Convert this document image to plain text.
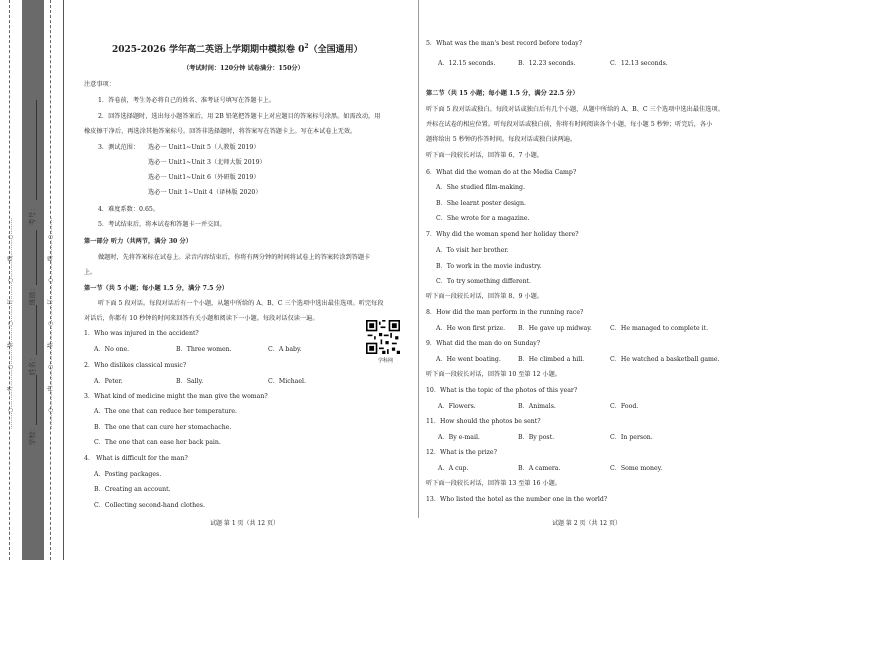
考号：
班级：
姓名：
学校：
………○………外………○………装………○………订………○………线………○………	………○………内………○………装………○………订………○………线………○………
2025-2026 学年高二英语上学期期中模拟卷 $0^2$（全国通用）
（考试时间：120分钟 试卷满分：150分）
注意事项：
1．答卷前，考生务必将自己的姓名、准考证号填写在答题卡上。
2．回答选择题时，选出每小题答案后，用 2B 铅笔把答题卡上对应题目的答案标号涂黑。如需改动，用
橡皮擦干净后，再选涂其他答案标号。回答非选择题时，将答案写在答题卡上。写在本试卷上无效。
3．测试范围： 选必一 Unit1~Unit 5（人教版 2019）
选必一 Unit1~Unit 3（北师大版 2019）
选必一 Unit1~Unit 6（外研版 2019）
选必一 Unit 1~Unit 4（译林版 2020）
4．难度系数：0.65。
5．考试结束后，将本试卷和答题卡一并交回。
第一部分 听力（共两节，满分 30 分）
做题时，先将答案标在试卷上。录音内容结束后，你将有两分钟的时间将试卷上的答案转涂到答题卡
上。
第一节（共 5 小题；每小题 1.5 分，满分 7.5 分）
听下面 5 段对话。每段对话后有一个小题，从题中所给的 A、B、C 三个选项中选出最佳选项。听完每段
对话后，你都有 10 秒钟的时间来回答有关小题和阅读下一小题。每段对话仅读一遍。
1．Who was injured in the accident?
A．No one.	B．Three women.	C．A baby.
2．Who dislikes classical music?
A．Peter.	B．Sally.	C．Michael.
3．What kind of medicine might the man give the woman?
A．The one that can reduce her temperature.
B．The one that can cure her stomachache.
C．The one that can ease her back pain.
4． What is difficult for the man?
A．Posting packages.
B．Creating an account.
C．Collecting second-hand clothes.
学科网
试题 第 1 页（共 12 页）
5．What was the man's best record before today?
A．12.15 seconds.	B．12.23 seconds.	C．12.13 seconds.
第二节（共 15 小题；每小题 1.5 分，满分 22.5 分）
听下面 5 段对话或独白。每段对话或独白后有几个小题，从题中所给的 A、B、C 三个选项中选出最佳选项。
并标在试卷的相应位置。听每段对话或独白前，你将有时间阅读各个小题，每小题 5 秒钟；听完后，各小
题将给出 5 秒钟的作答时间。每段对话或独白读两遍。
听下面一段较长对话，回答第 6、7 小题。
6．What did the woman do at the Media Camp?
A．She studied film-making.
B．She learnt poster design.
C．She wrote for a magazine.
7．Why did the woman spend her holiday there?
A．To visit her brother.
B．To work in the movie industry.
C．To try something different.
听下面一段较长对话，回答第 8、9 小题。
8．How did the man perform in the running race?
A．He won first prize. B．He gave up midway.	C．He managed to complete it.
9．What did the man do on Sunday?
A．He went boating.	B．He climbed a hill.	C．He watched a basketball game.
听下面一段较长对话，回答第 10 至第 12 小题。
10．What is the topic of the photos of this year?
A．Flowers.	B．Animals.	C．Food.
11．How should the photos be sent?
A．By e-mail.	B．By post.	C．In person.
12．What is the prize?
A．A cup.	B．A camera.	C．Some money.
听下面一段较长对话，回答第 13 至第 16 小题。
13．Who listed the hotel as the number one in the world?
试题 第 2 页（共 12 页）
